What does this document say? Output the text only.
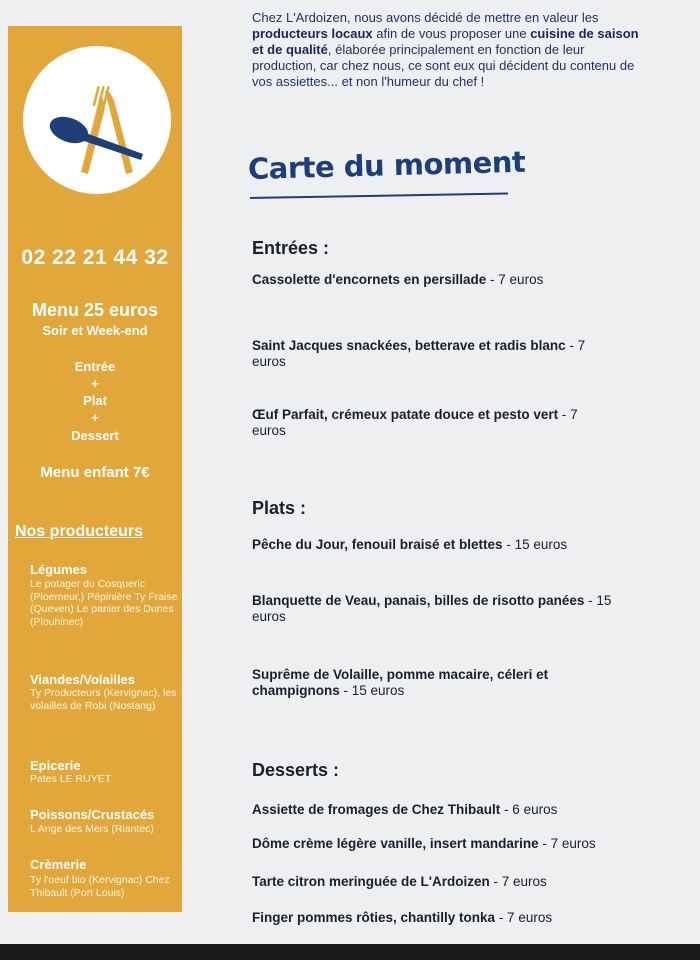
02 22 21 44 32
Menu 25 euros
Soir et Week-end
Entrée
+
Plat
+
Dessert
Menu enfant 7€
Nos producteurs
Légumes
Le potager du Cosqueric (Ploemeur,) Pépinière Ty Fraise (Queven) Le panier des Dunes (Plouhinec)
Viandes/Volailles
Ty Producteurs (Kervignac), les volailles de Robi (Nostang)
Epicerie
Pates LE RUYET
Poissons/Crustacés
L Ange des Mers (Riantec)
Crèmerie
Ty l'oeuf bio (Kervignac) Chez Thibault (Port Louis)
Chez L'Ardoizen, nous avons décidé de mettre en valeur les producteurs locaux afin de vous proposer une cuisine de saison et de qualité, élaborée principalement en fonction de leur production, car chez nous, ce sont eux qui décident du contenu de vos assiettes... et non l'humeur du chef !
Carte du moment
Entrées :
Cassolette d'encornets en persillade - 7 euros
Saint Jacques snackées, betterave et radis blanc - 7 euros
Œuf Parfait, crémeux patate douce et pesto vert - 7 euros
Plats :
Pêche du Jour, fenouil braisé et blettes - 15 euros
Blanquette de Veau, panais, billes de risotto panées - 15 euros
Suprême de Volaille, pomme macaire, céleri et champignons - 15 euros
Desserts :
Assiette de fromages de Chez Thibault - 6 euros
Dôme crème légère vanille, insert mandarine - 7 euros
Tarte citron meringuée de L'Ardoizen - 7 euros
Finger pommes rôties, chantilly tonka - 7 euros
